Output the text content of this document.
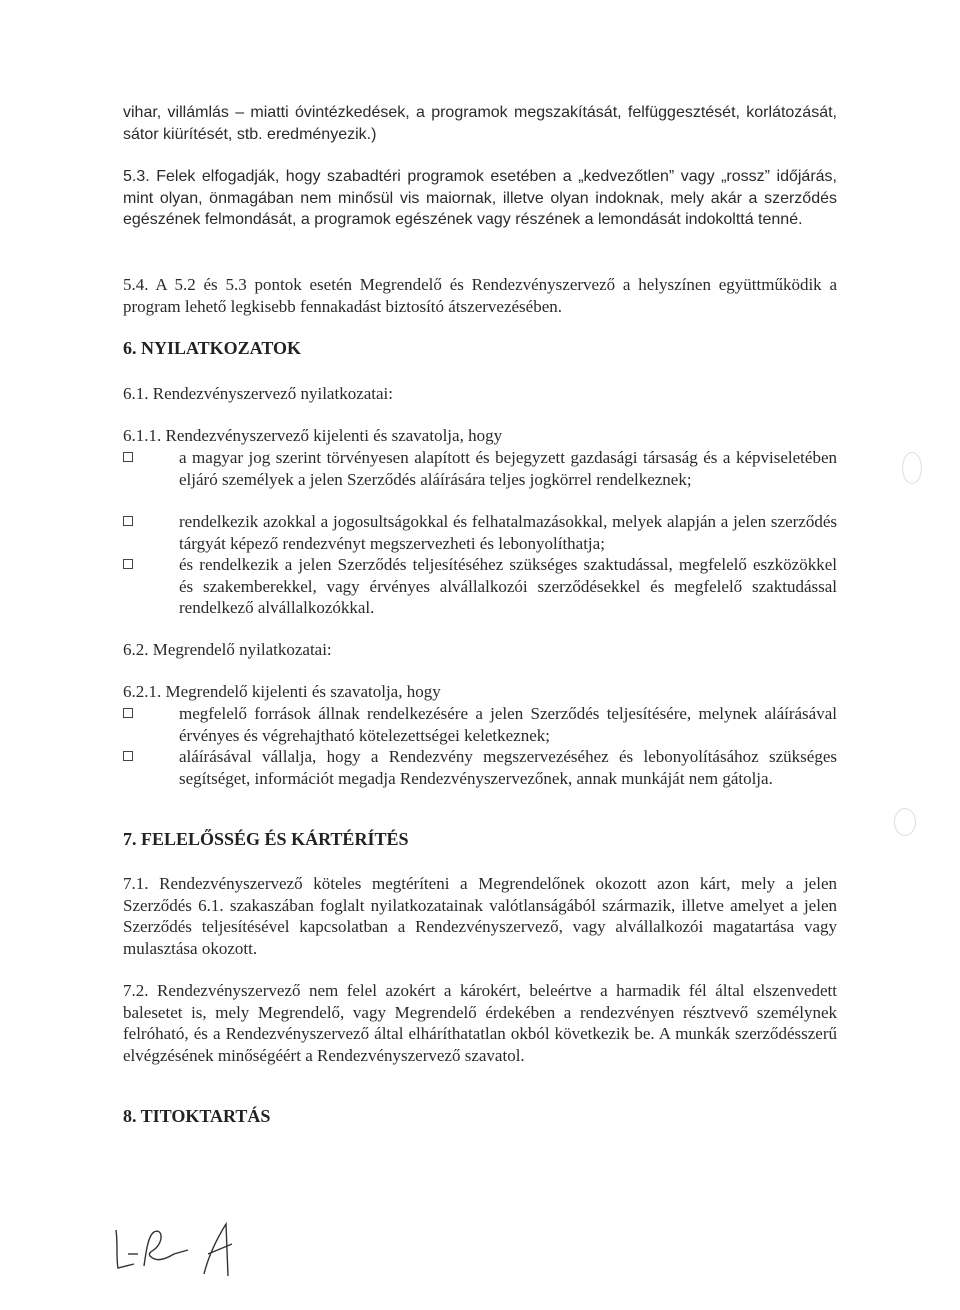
vihar, villámlás – miatti óvintézkedések, a programok megszakítását, felfüggesztését, korlátozását, sátor kiürítését, stb. eredményezik.)

5.3. Felek elfogadják, hogy szabadtéri programok esetében a „kedvezőtlen” vagy „rossz” időjárás, mint olyan, önmagában nem minősül vis maiornak, illetve olyan indoknak, mely akár a szerződés egészének felmondását, a programok egészének vagy részének a lemondását indokolttá tenné.

5.4. A 5.2 és 5.3 pontok esetén Megrendelő és Rendezvényszervező a helyszínen együttműködik a program lehető legkisebb fennakadást biztosító átszervezésében.

6. NYILATKOZATOK

6.1. Rendezvényszervező nyilatkozatai:

6.1.1. Rendezvényszervező kijelenti és szavatolja, hogy

a magyar jog szerint törvényesen alapított és bejegyzett gazdasági társaság és a képviseletében eljáró személyek a jelen Szerződés aláírására teljes jogkörrel rendelkeznek;
rendelkezik azokkal a jogosultságokkal és felhatalmazásokkal, melyek alapján a jelen szerződés tárgyát képező rendezvényt megszervezheti és lebonyolíthatja;
és rendelkezik a jelen Szerződés teljesítéséhez szükséges szaktudással, megfelelő eszközökkel és szakemberekkel, vagy érvényes alvállalkozói szerződésekkel és megfelelő szaktudással rendelkező alvállalkozókkal.

6.2. Megrendelő nyilatkozatai:

6.2.1. Megrendelő kijelenti és szavatolja, hogy

megfelelő források állnak rendelkezésére a jelen Szerződés teljesítésére, melynek aláírásával érvényes és végrehajtható kötelezettségei keletkeznek;
aláírásával vállalja, hogy a Rendezvény megszervezéséhez és lebonyolításához szükséges segítséget, információt megadja Rendezvényszervezőnek, annak munkáját nem gátolja.
7. FELELŐSSÉG ÉS KÁRTÉRÍTÉS

7.1. Rendezvényszervező köteles megtéríteni a Megrendelőnek okozott azon kárt, mely a jelen Szerződés 6.1. szakaszában foglalt nyilatkozatainak valótlanságából származik, illetve amelyet a jelen Szerződés teljesítésével kapcsolatban a Rendezvényszervező, vagy alvállalkozói magatartása vagy mulasztása okozott.

7.2. Rendezvényszervező nem felel azokért a károkért, beleértve a harmadik fél által elszenvedett balesetet is, mely Megrendelő, vagy Megrendelő érdekében a rendezvényen résztvevő személynek felróható, és a Rendezvényszervező által elháríthatatlan okból következik be. A munkák szerződésszerű elvégzésének minőségéért a Rendezvényszervező szavatol.

8. TITOKTARTÁS
